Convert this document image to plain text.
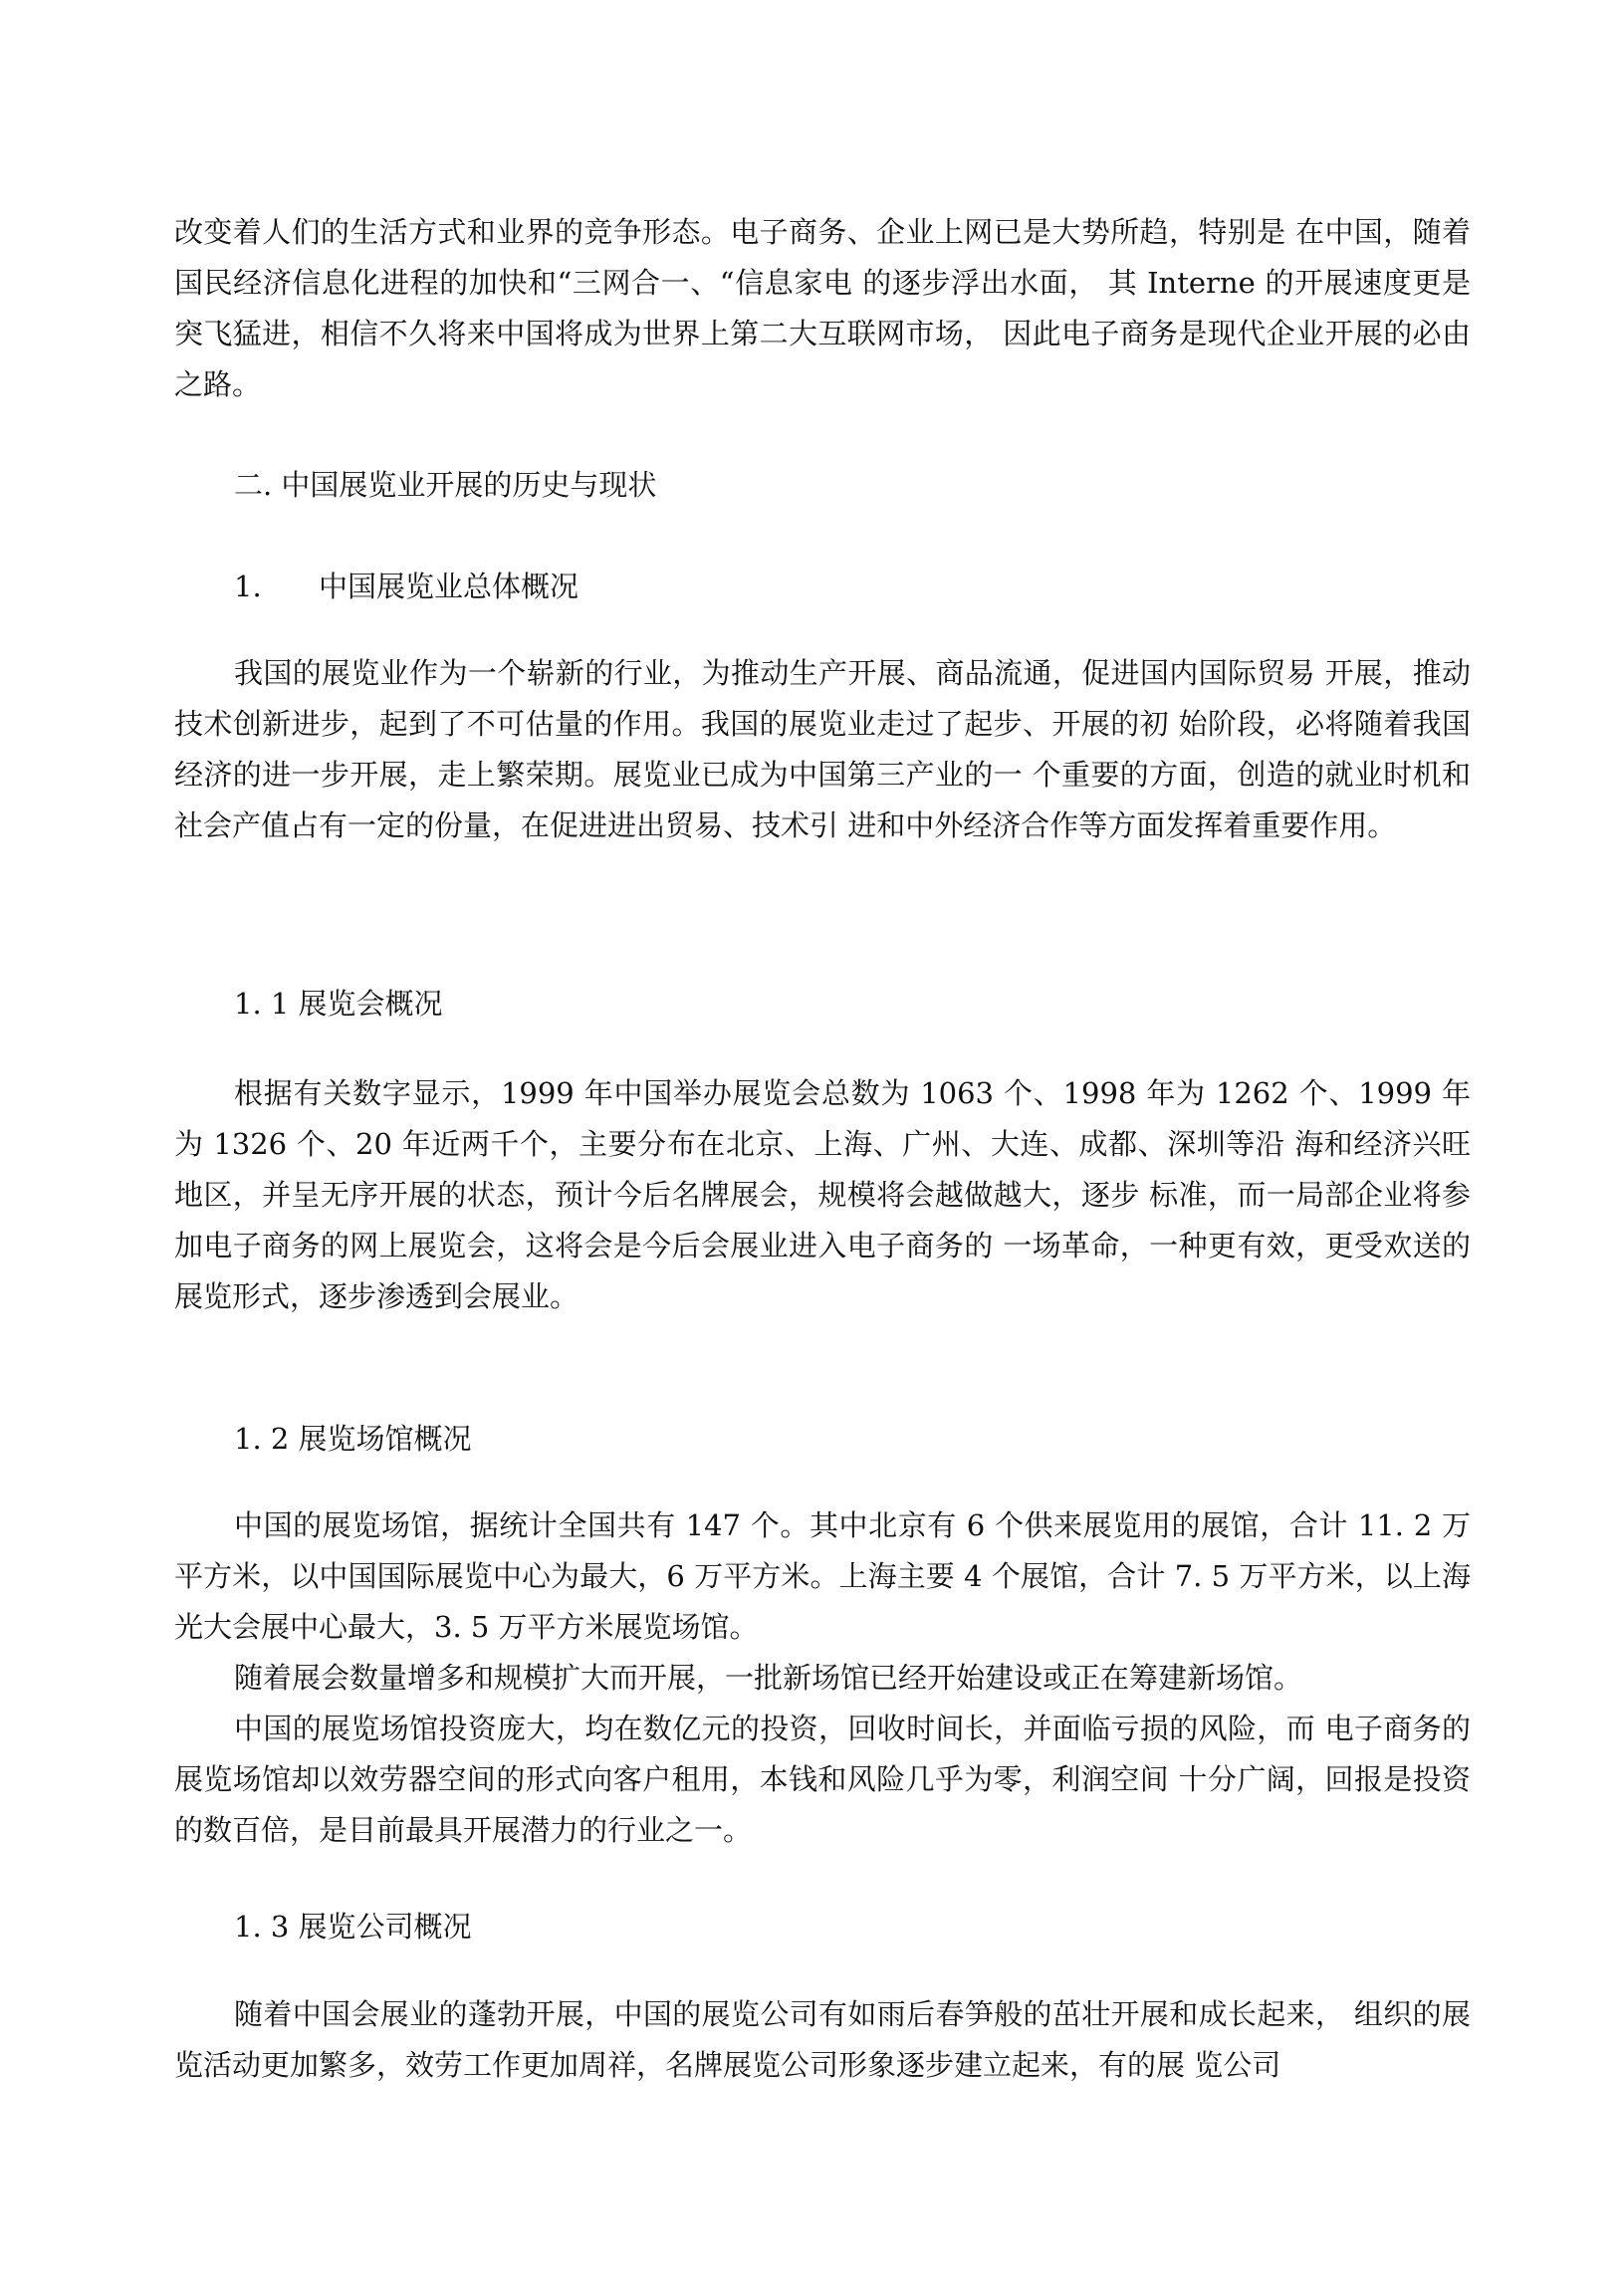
改变着人们的生活方式和业界的竞争形态。电子商务、企业上网已是大势所趋，特别是 在中国，随着国民经济信息化进程的加快和“三网合一、“信息家电 的逐步浮出水面， 其 Interne 的开展速度更是突飞猛进，相信不久将来中国将成为世界上第二大互联网市场， 因此电子商务是现代企业开展的必由之路。

二. 中国展览业开展的历史与现状

1. 中国展览业总体概况

我国的展览业作为一个崭新的行业，为推动生产开展、商品流通，促进国内国际贸易 开展，推动技术创新进步，起到了不可估量的作用。我国的展览业走过了起步、开展的初 始阶段，必将随着我国经济的进一步开展，走上繁荣期。展览业已成为中国第三产业的一 个重要的方面，创造的就业时机和社会产值占有一定的份量，在促进进出贸易、技术引 进和中外经济合作等方面发挥着重要作用。

1. 1 展览会概况

根据有关数字显示，1999 年中国举办展览会总数为 1063 个、1998 年为 1262 个、1999 年为 1326 个、20 年近两千个，主要分布在北京、上海、广州、大连、成都、深圳等沿 海和经济兴旺地区，并呈无序开展的状态，预计今后名牌展会，规模将会越做越大，逐步 标准，而一局部企业将参加电子商务的网上展览会，这将会是今后会展业进入电子商务的 一场革命，一种更有效，更受欢送的展览形式，逐步渗透到会展业。

1. 2 展览场馆概况

中国的展览场馆，据统计全国共有 147 个。其中北京有 6 个供来展览用的展馆，合计 11. 2 万平方米，以中国国际展览中心为最大，6 万平方米。上海主要 4 个展馆，合计 7. 5 万平方米，以上海光大会展中心最大，3. 5 万平方米展览场馆。

随着展会数量增多和规模扩大而开展，一批新场馆已经开始建设或正在筹建新场馆。

中国的展览场馆投资庞大，均在数亿元的投资，回收时间长，并面临亏损的风险，而 电子商务的展览场馆却以效劳器空间的形式向客户租用，本钱和风险几乎为零，利润空间 十分广阔，回报是投资的数百倍，是目前最具开展潜力的行业之一。

1. 3 展览公司概况

随着中国会展业的蓬勃开展，中国的展览公司有如雨后春笋般的茁壮开展和成长起来， 组织的展览活动更加繁多，效劳工作更加周祥，名牌展览公司形象逐步建立起来，有的展 览公司
